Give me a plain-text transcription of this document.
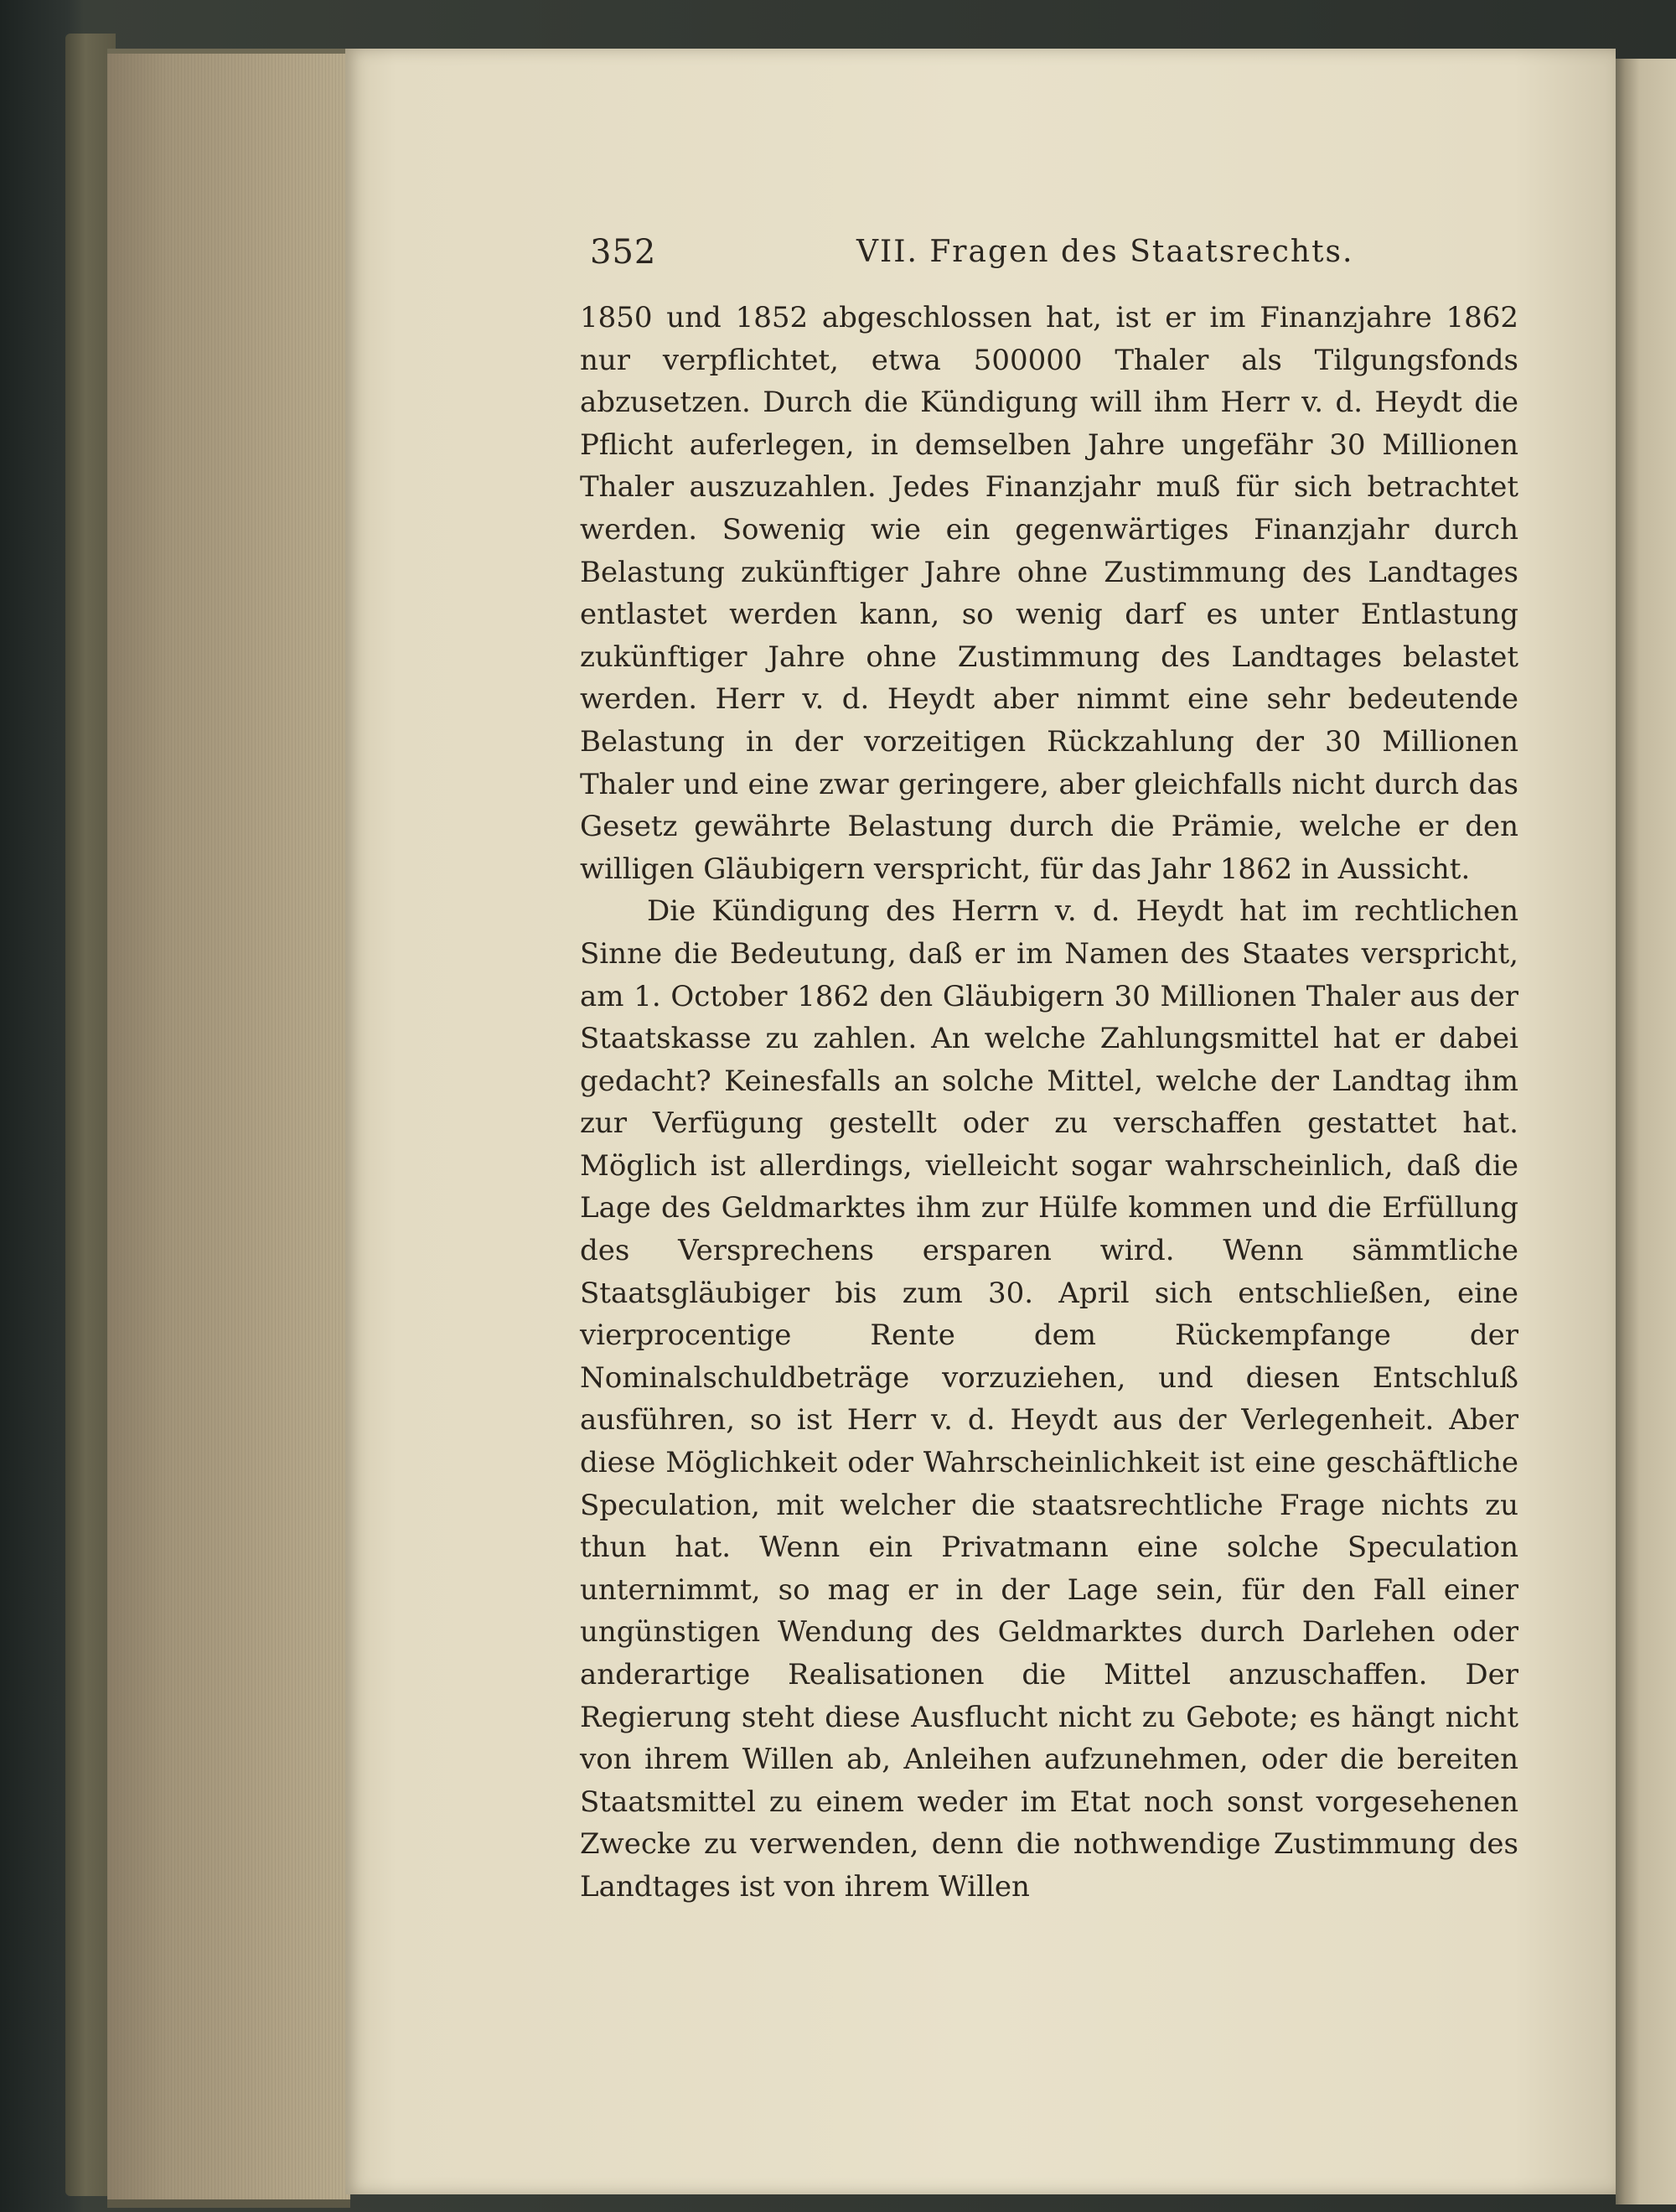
352	VII. Fragen des Staatsrechts.

1850 und 1852 abgeschlossen hat, ist er im Finanzjahre 1862 nur verpflichtet, etwa 500000 Thaler als Tilgungsfonds abzusetzen. Durch die Kündigung will ihm Herr v. d. Heydt die Pflicht auferlegen, in demselben Jahre ungefähr 30 Millionen Thaler auszuzahlen. Jedes Finanzjahr muß für sich betrachtet werden. Sowenig wie ein gegenwärtiges Finanzjahr durch Belastung zukünftiger Jahre ohne Zustimmung des Landtages entlastet werden kann, so wenig darf es unter Entlastung zukünftiger Jahre ohne Zustimmung des Landtages belastet werden. Herr v. d. Heydt aber nimmt eine sehr bedeutende Belastung in der vorzeitigen Rückzahlung der 30 Millionen Thaler und eine zwar geringere, aber gleichfalls nicht durch das Gesetz gewährte Belastung durch die Prämie, welche er den willigen Gläubigern verspricht, für das Jahr 1862 in Aussicht.

Die Kündigung des Herrn v. d. Heydt hat im rechtlichen Sinne die Bedeutung, daß er im Namen des Staates verspricht, am 1. October 1862 den Gläubigern 30 Millionen Thaler aus der Staatskasse zu zahlen. An welche Zahlungsmittel hat er dabei gedacht? Keinesfalls an solche Mittel, welche der Landtag ihm zur Verfügung gestellt oder zu verschaffen gestattet hat. Möglich ist allerdings, vielleicht sogar wahrscheinlich, daß die Lage des Geldmarktes ihm zur Hülfe kommen und die Erfüllung des Versprechens ersparen wird. Wenn sämmtliche Staatsgläubiger bis zum 30. April sich entschließen, eine vierprocentige Rente dem Rückempfange der Nominalschuldbeträge vorzuziehen, und diesen Entschluß ausführen, so ist Herr v. d. Heydt aus der Verlegenheit. Aber diese Möglichkeit oder Wahrscheinlichkeit ist eine geschäftliche Speculation, mit welcher die staatsrechtliche Frage nichts zu thun hat. Wenn ein Privatmann eine solche Speculation unternimmt, so mag er in der Lage sein, für den Fall einer ungünstigen Wendung des Geldmarktes durch Darlehen oder anderartige Realisationen die Mittel anzuschaffen. Der Regierung steht diese Ausflucht nicht zu Gebote; es hängt nicht von ihrem Willen ab, Anleihen aufzunehmen, oder die bereiten Staatsmittel zu einem weder im Etat noch sonst vorgesehenen Zwecke zu verwenden, denn die nothwendige Zustimmung des Landtages ist von ihrem Willen
